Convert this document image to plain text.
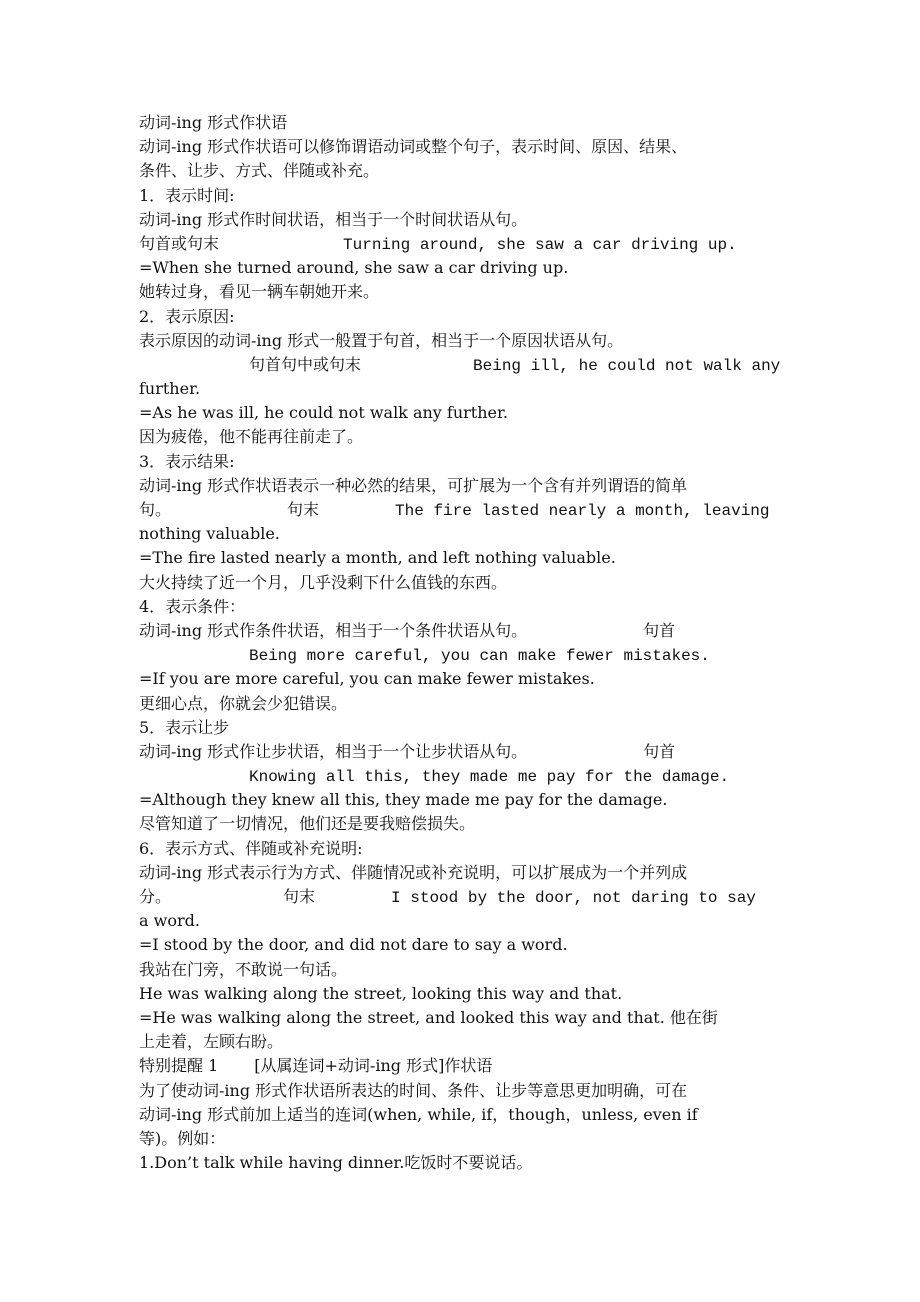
动词-ing 形式作状语
动词-ing 形式作状语可以修饰谓语动词或整个句子，表示时间、原因、结果、
条件、让步、方式、伴随或补充。
1．表示时间:
动词-ing 形式作时间状语，相当于一个时间状语从句。
句首或句末	Turning around, she saw a car driving up.
=When she turned around, she saw a car driving up.
她转过身，看见一辆车朝她开来。
2．表示原因:
表示原因的动词-ing 形式一般置于句首，相当于一个原因状语从句。
句首句中或句末	Being ill, he could not walk any
further.
=As he was ill, he could not walk any further.
因为疲倦，他不能再往前走了。
3．表示结果:
动词-ing 形式作状语表示一种必然的结果，可扩展为一个含有并列谓语的简单
句。	句末	The fire lasted nearly a month, leaving
nothing valuable.
=The fire lasted nearly a month, and left nothing valuable.
大火持续了近一个月，几乎没剩下什么值钱的东西。
4．表示条件：
动词-ing 形式作条件状语，相当于一个条件状语从句。	句首
Being more careful, you can make fewer mistakes.
=If you are more careful, you can make fewer mistakes.
更细心点，你就会少犯错误。
5．表示让步
动词-ing 形式作让步状语，相当于一个让步状语从句。	句首
Knowing all this, they made me pay for the damage.
=Although they knew all this, they made me pay for the damage.
尽管知道了一切情况，他们还是要我赔偿损失。
6．表示方式、伴随或补充说明:
动词-ing 形式表示行为方式、伴随情况或补充说明，可以扩展成为一个并列成
分。	句末	I stood by the door, not daring to say
a word.
=I stood by the door, and did not dare to say a word.
我站在门旁，不敢说一句话。
He was walking along the street, looking this way and that.
=He was walking along the street, and looked this way and that. 他在街
上走着，左顾右盼。
特别提醒 1 [从属连词+动词-ing 形式]作状语
为了使动词-ing 形式作状语所表达的时间、条件、让步等意思更加明确，可在
动词-ing 形式前加上适当的连词(when, while, if，though，unless, even if
等)。例如：
1.Don’t talk while having dinner.吃饭时不要说话。
